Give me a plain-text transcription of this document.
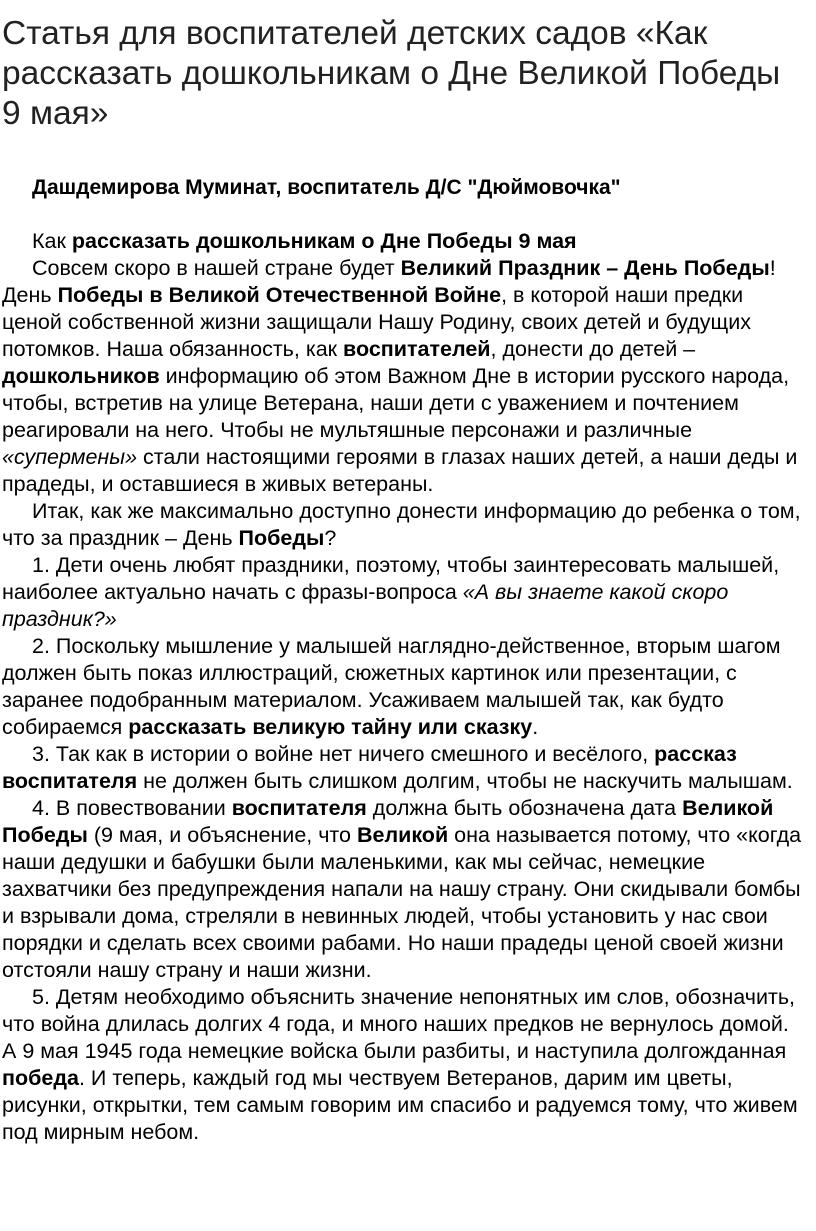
Статья для воспитателей детских садов «Как рассказать дошкольникам о Дне Великой Победы 9 мая»
Дашдемирова Муминат, воспитатель Д/С "Дюймовочка"

Как рассказать дошкольникам о Дне Победы 9 мая

Совсем скоро в нашей стране будет Великий Праздник – День Победы! День Победы в Великой Отечественной Войне, в которой наши предки ценой собственной жизни защищали Нашу Родину, своих детей и будущих потомков. Наша обязанность, как воспитателей, донести до детей – дошкольников информацию об этом Важном Дне в истории русского народа, чтобы, встретив на улице Ветерана, наши дети с уважением и почтением реагировали на него. Чтобы не мультяшные персонажи и различные «супермены» стали настоящими героями в глазах наших детей, а наши деды и прадеды, и оставшиеся в живых ветераны.

Итак, как же максимально доступно донести информацию до ребенка о том, что за праздник – День Победы?

1. Дети очень любят праздники, поэтому, чтобы заинтересовать малышей, наиболее актуально начать с фразы-вопроса «А вы знаете какой скоро праздник?»

2. Поскольку мышление у малышей наглядно-действенное, вторым шагом должен быть показ иллюстраций, сюжетных картинок или презентации, с заранее подобранным материалом. Усаживаем малышей так, как будто собираемся рассказать великую тайну или сказку.

3. Так как в истории о войне нет ничего смешного и весёлого, рассказ воспитателя не должен быть слишком долгим, чтобы не наскучить малышам.

4. В повествовании воспитателя должна быть обозначена дата Великой Победы (9 мая, и объяснение, что Великой она называется потому, что «когда наши дедушки и бабушки были маленькими, как мы сейчас, немецкие захватчики без предупреждения напали на нашу страну. Они скидывали бомбы и взрывали дома, стреляли в невинных людей, чтобы установить у нас свои порядки и сделать всех своими рабами. Но наши прадеды ценой своей жизни отстояли нашу страну и наши жизни.

5. Детям необходимо объяснить значение непонятных им слов, обозначить, что война длилась долгих 4 года, и много наших предков не вернулось домой. А 9 мая 1945 года немецкие войска были разбиты, и наступила долгожданная победа. И теперь, каждый год мы чествуем Ветеранов, дарим им цветы, рисунки, открытки, тем самым говорим им спасибо и радуемся тому, что живем под мирным небом.
